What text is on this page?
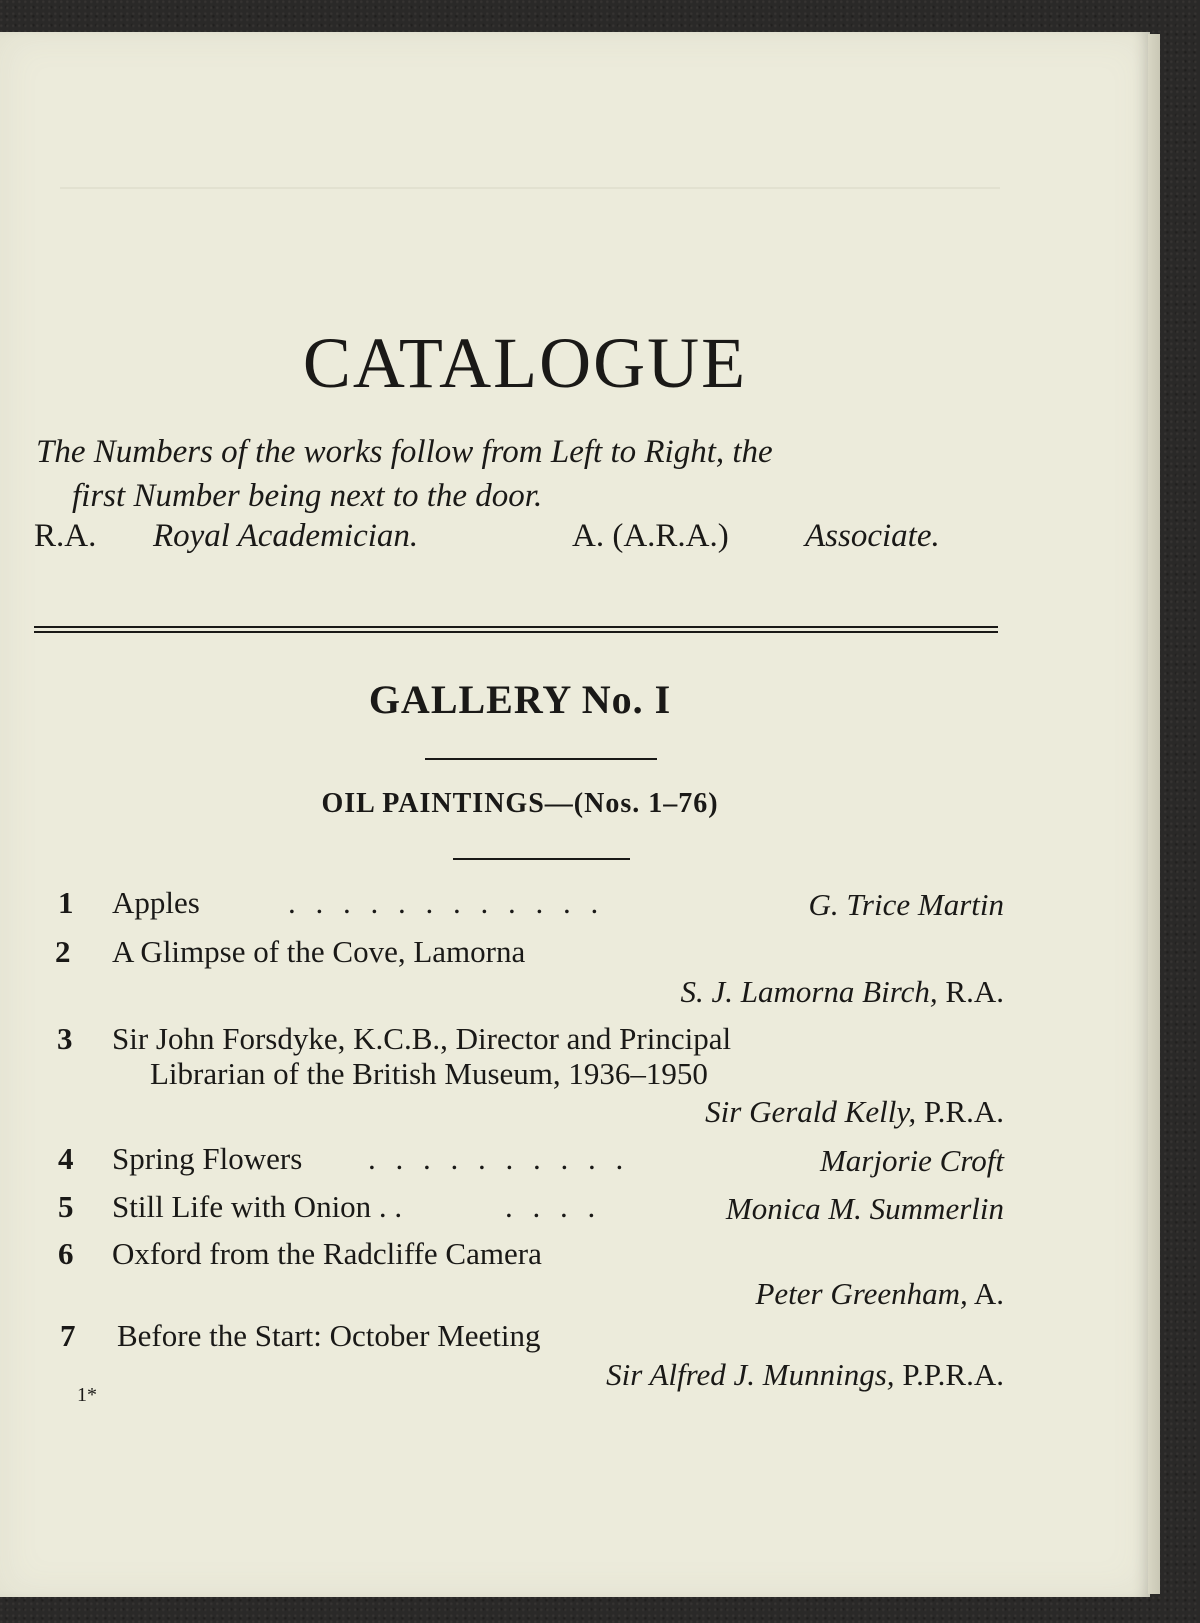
CATALOGUE

The Numbers of the works follow from Left to Right, the
first Number being next to the door.

R.A. Royal Academician.	A. (A.R.A.) Associate.
GALLERY No. I
OIL PAINTINGS—(Nos. 1–76)
1 Apples	. . . . . . . . . . . .	G. Trice Martin
2 A Glimpse of the Cove, Lamorna
S. J. Lamorna Birch, R.A.
3 Sir John Forsdyke, K.C.B., Director and Principal
Librarian of the British Museum, 1936–1950
Sir Gerald Kelly, P.R.A.
4 Spring Flowers . . . . . . . . . .	Marjorie Croft
5 Still Life with Onion . .	. . . .	Monica M. Summerlin
6 Oxford from the Radcliffe Camera
Peter Greenham, A.
7 Before the Start: October Meeting
Sir Alfred J. Munnings, P.P.R.A.
1*
